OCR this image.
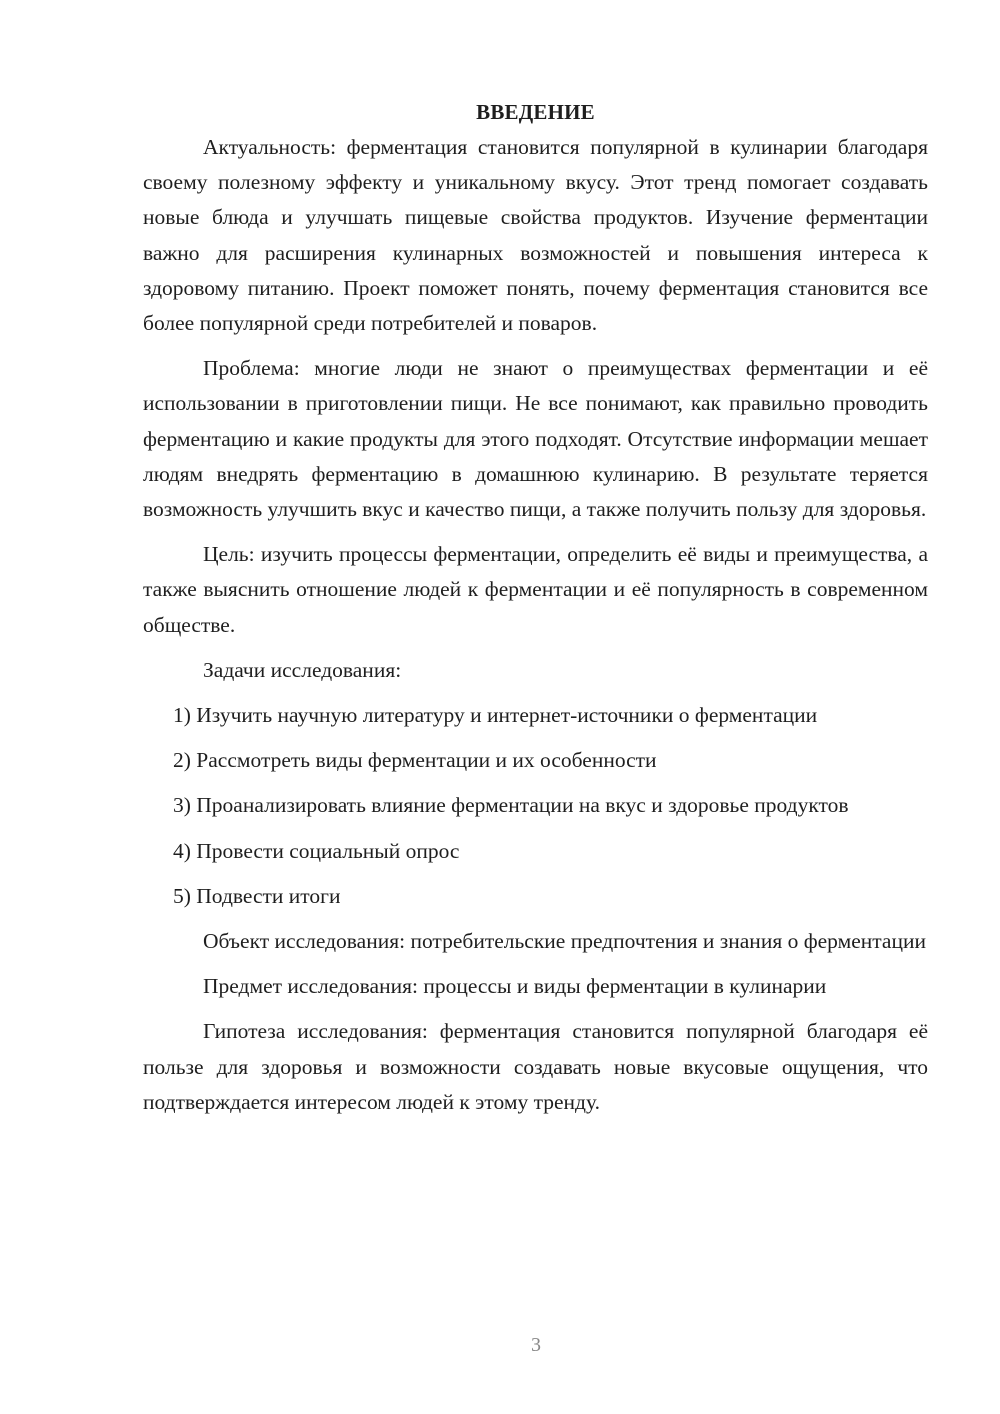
ВВЕДЕНИЕ

Актуальность: ферментация становится популярной в кулинарии благодаря своему полезному эффекту и уникальному вкусу. Этот тренд помогает создавать новые блюда и улучшать пищевые свойства продуктов. Изучение ферментации важно для расширения кулинарных возможностей и повышения интереса к здоровому питанию. Проект поможет понять, почему ферментация становится все более популярной среди потребителей и поваров.

Проблема: многие люди не знают о преимуществах ферментации и её использовании в приготовлении пищи. Не все понимают, как правильно проводить ферментацию и какие продукты для этого подходят. Отсутствие информации мешает людям внедрять ферментацию в домашнюю кулинарию. В результате теряется возможность улучшить вкус и качество пищи, а также получить пользу для здоровья.

Цель: изучить процессы ферментации, определить её виды и преимущества, а также выяснить отношение людей к ферментации и её популярность в современном обществе.

Задачи исследования:

1) Изучить научную литературу и интернет-источники о ферментации

2) Рассмотреть виды ферментации и их особенности

3) Проанализировать влияние ферментации на вкус и здоровье продуктов

4) Провести социальный опрос

5) Подвести итоги

Объект исследования: потребительские предпочтения и знания о ферментации

Предмет исследования: процессы и виды ферментации в кулинарии

Гипотеза исследования: ферментация становится популярной благодаря её пользе для здоровья и возможности создавать новые вкусовые ощущения, что подтверждается интересом людей к этому тренду.

3
